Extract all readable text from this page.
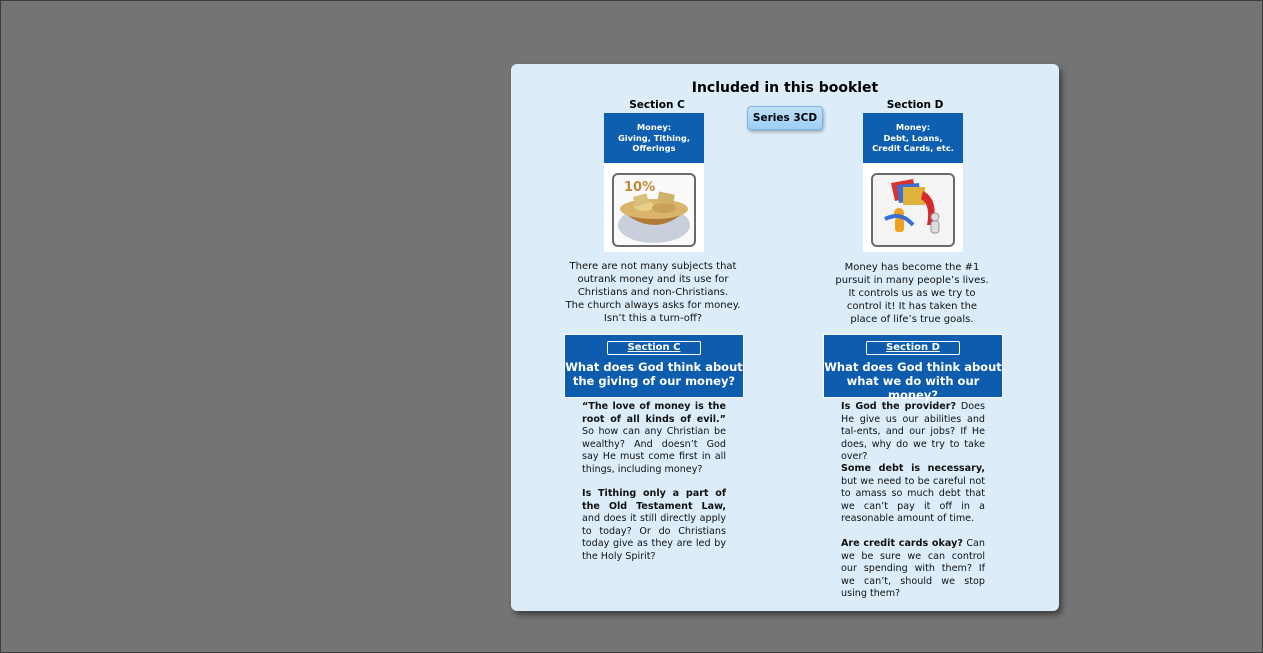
Included in this booklet
Section C	Section D
Series 3CD
Money:
Giving, Tithing,
Offerings
10%
Money:
Debt, Loans,
Credit Cards, etc.
There are not many subjects that
outrank money and its use for
Christians and non-Christians.
The church always asks for money.
Isn’t this a turn-off?
Money has become the #1
pursuit in many people’s lives.
It controls us as we try to
control it! It has taken the
place of life’s true goals.
Section C
What does God think about
the giving of our money?
Section D
What does God think about
what we do with our money?

“The love of money is the root of all kinds of evil.” So how can any Christian be wealthy? And doesn’t God say He must come first in all things, including money?

Is Tithing only a part of the Old Testament Law, and does it still directly apply to today? Or do Christians today give as they are led by the Holy Spirit?

Is God the provider? Does He give us our abilities and tal-ents, and our jobs? If He does, why do we try to take over?

Some debt is necessary, but we need to be careful not to amass so much debt that we can’t pay it off in a reasonable amount of time.

Are credit cards okay? Can we be sure we can control our spending with them? If we can’t, should we stop using them?
